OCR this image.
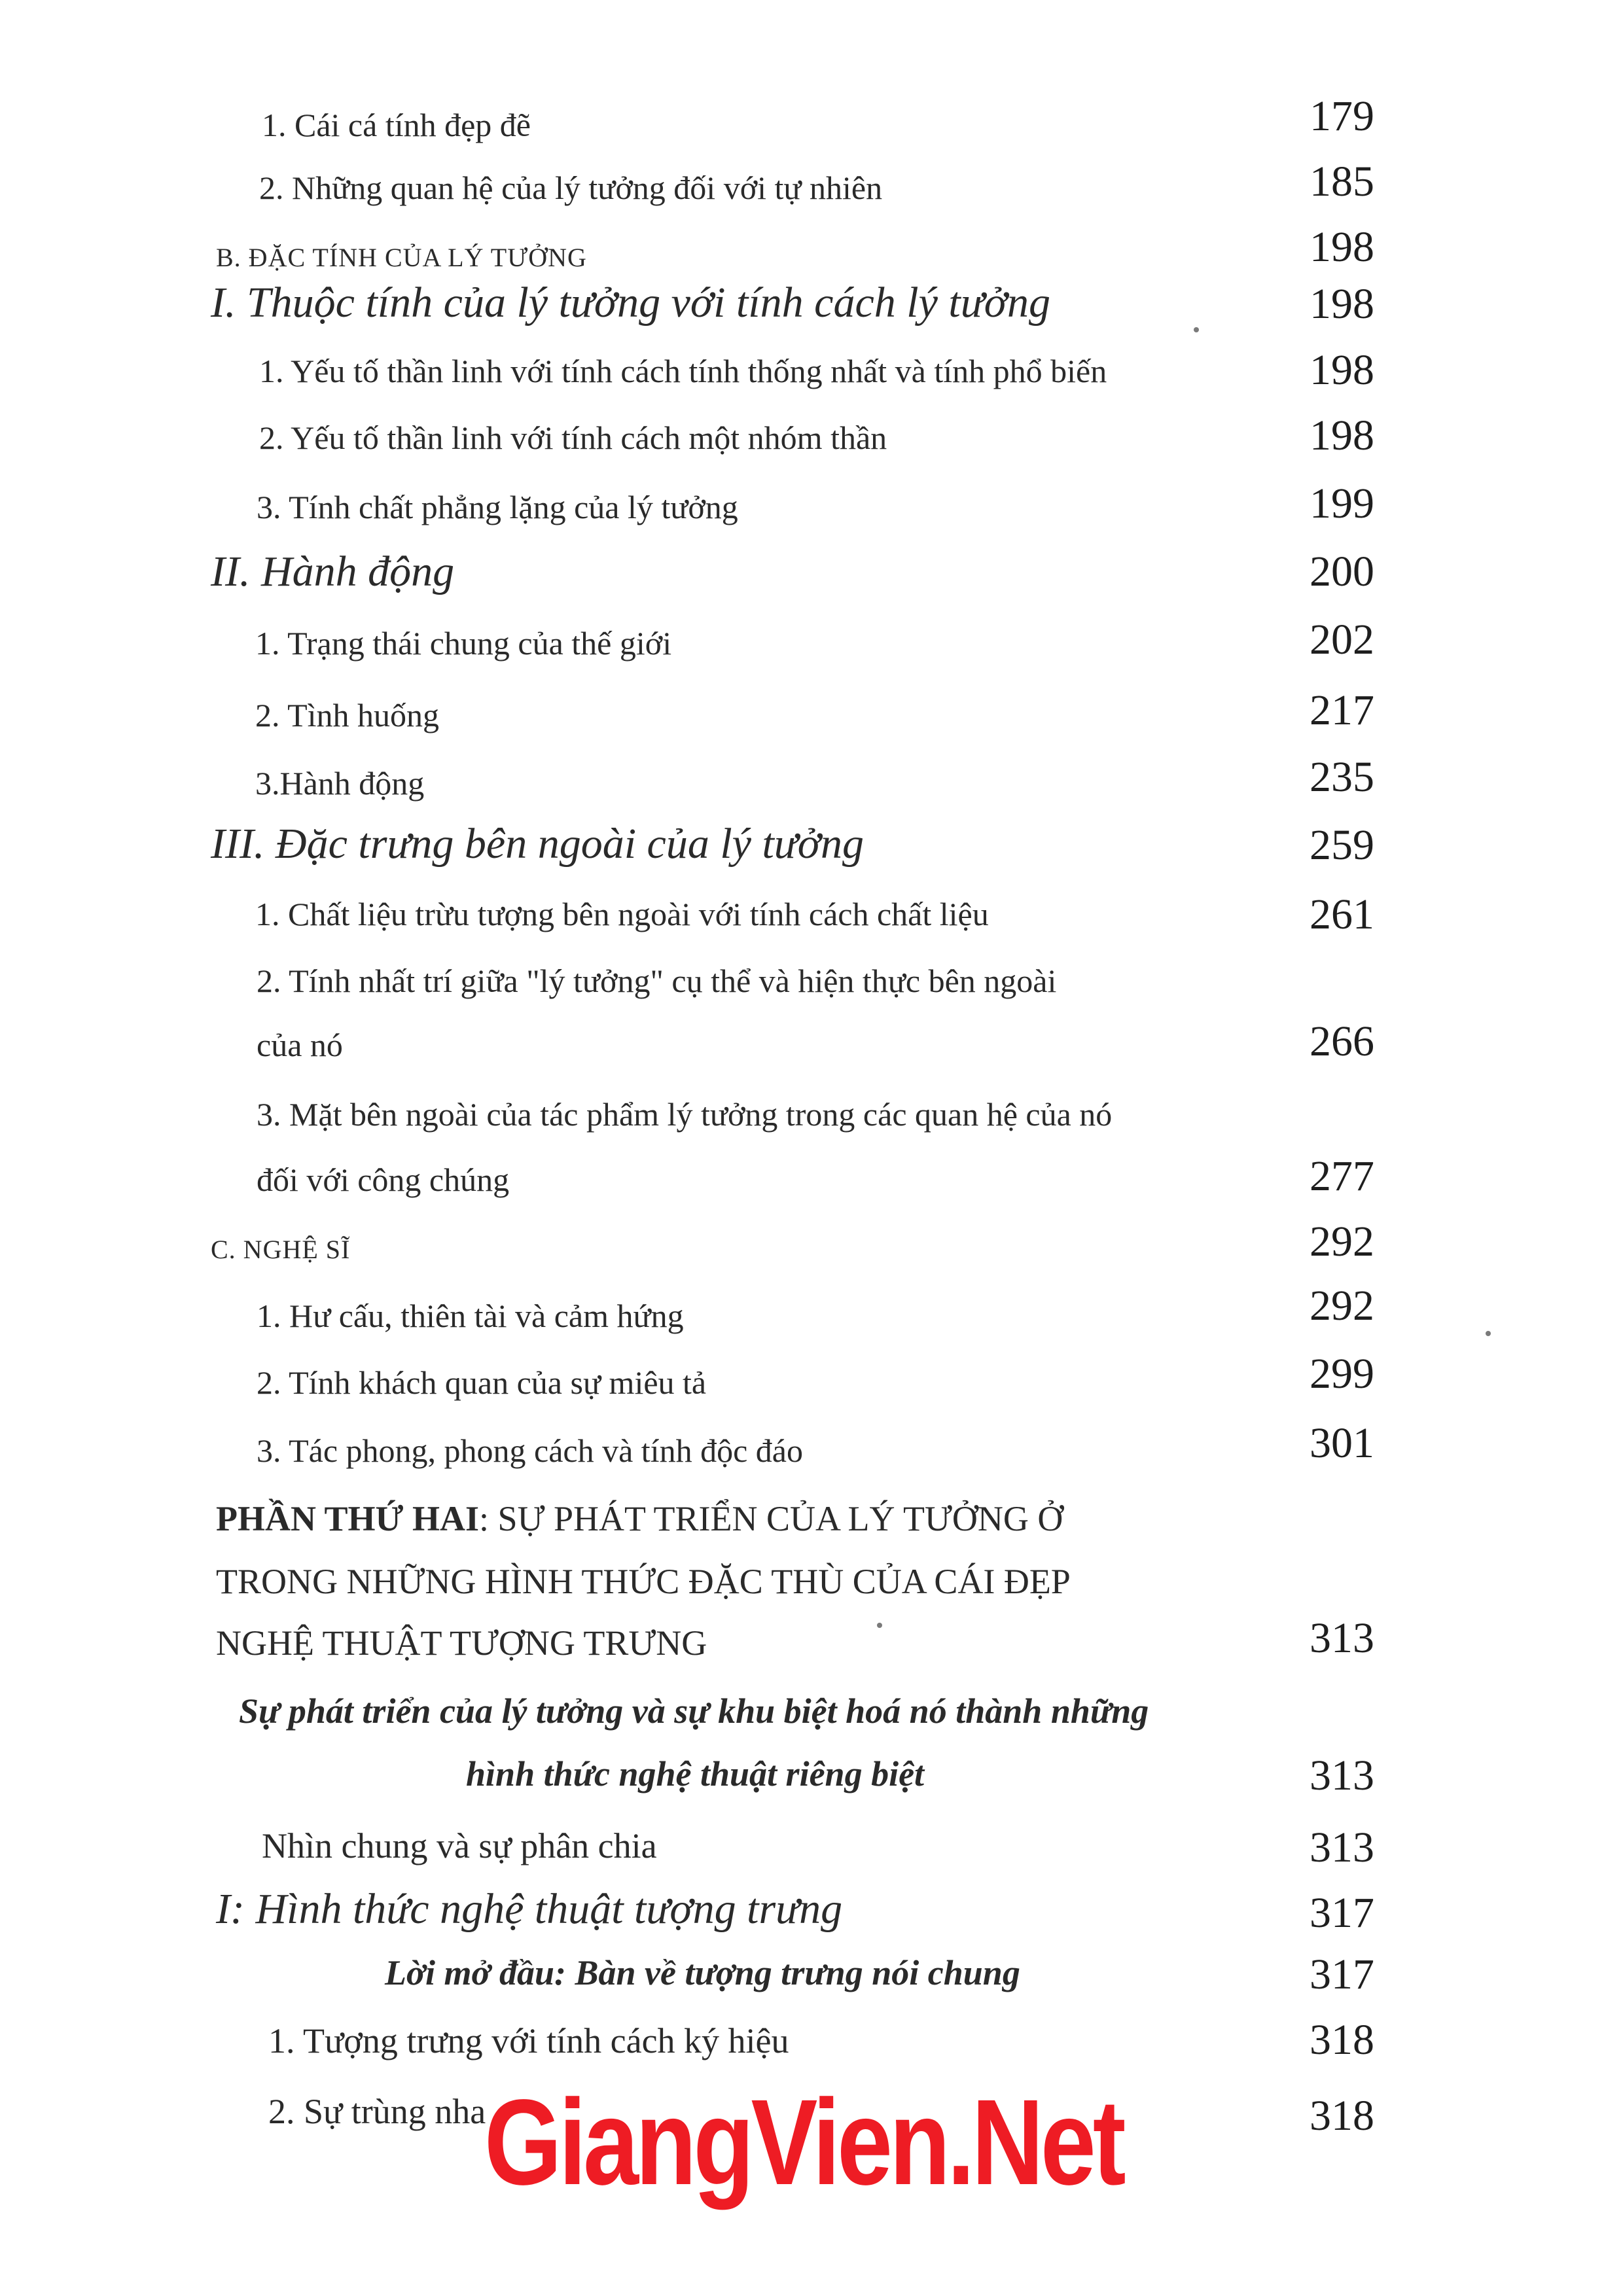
1. Cái cá tính đẹp đẽ	179
2. Những quan hệ của lý tưởng đối với tự nhiên	185
B. ĐẶC TÍNH CỦA LÝ TƯỞNG	198
I. Thuộc tính của lý tưởng với tính cách lý tưởng	198
1. Yếu tố thần linh với tính cách tính thống nhất và tính phổ biến	198
2. Yếu tố thần linh với tính cách một nhóm thần	198
3. Tính chất phẳng lặng của lý tưởng	199
II. Hành động	200
1. Trạng thái chung của thế giới	202
2. Tình huống	217
3.Hành động	235
III. Đặc trưng bên ngoài của lý tưởng	259
1. Chất liệu trừu tượng bên ngoài với tính cách chất liệu	261
2. Tính nhất trí giữa "lý tưởng" cụ thể và hiện thực bên ngoài
của nó	266
3. Mặt bên ngoài của tác phẩm lý tưởng trong các quan hệ của nó
đối với công chúng	277
C. NGHỆ SĨ	292
1. Hư cấu, thiên tài và cảm hứng	292
2. Tính khách quan của sự miêu tả	299
3. Tác phong, phong cách và tính độc đáo	301
PHẦN THỨ HAI: SỰ PHÁT TRIỂN CỦA LÝ TƯỞNG Ở
TRONG NHỮNG HÌNH THỨC ĐẶC THÙ CỦA CÁI ĐẸP
NGHỆ THUẬT TƯỢNG TRƯNG	313
Sự phát triển của lý tưởng và sự khu biệt hoá nó thành những
hình thức nghệ thuật riêng biệt	313
Nhìn chung và sự phân chia	313
I: Hình thức nghệ thuật tượng trưng	317
Lời mở đầu: Bàn về tượng trưng nói chung	317
1. Tượng trưng với tính cách ký hiệu	318
2. Sự trùng nha	318
GiangVien.Net
